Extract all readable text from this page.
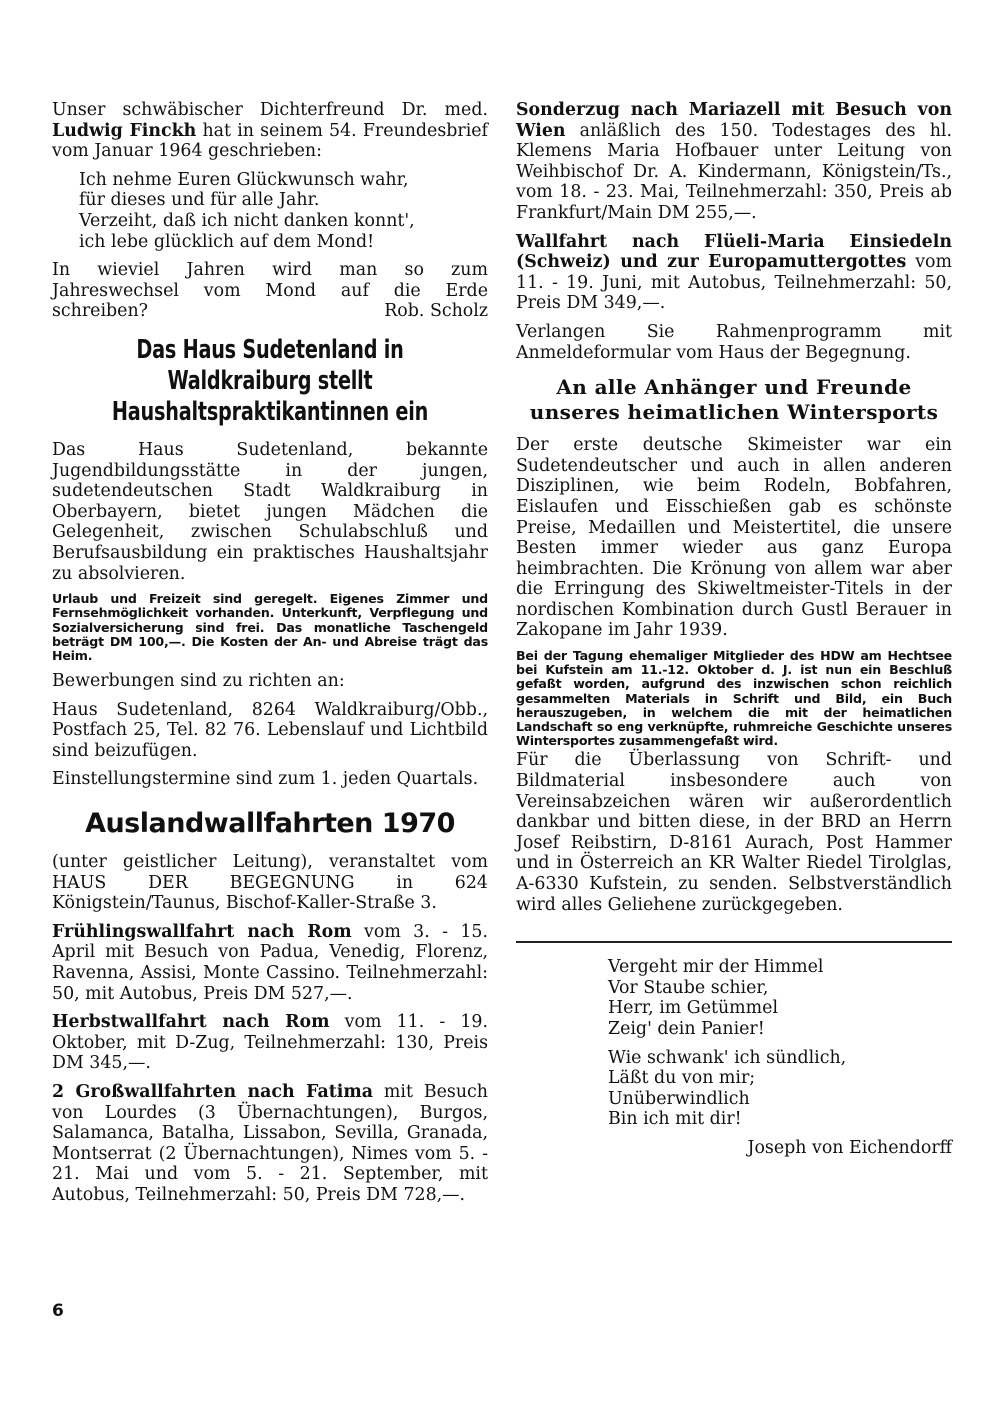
Unser schwäbischer Dichterfreund Dr. med. Ludwig Finckh hat in seinem 54. Freundesbrief vom Januar 1964 geschrieben:

Ich nehme Euren Glückwunsch wahr,
für dieses und für alle Jahr.
Verzeiht, daß ich nicht danken konnt',
ich lebe glücklich auf dem Mond!

In wieviel Jahren wird man so zum Jahreswechsel vom Mond auf die Erde schreiben?	Rob. Scholz
Das Haus Sudetenland in Waldkraiburg stellt Haushaltspraktikantinnen ein

Das Haus Sudetenland, bekannte Jugendbildungsstätte in der jungen, sudetendeutschen Stadt Waldkraiburg in Oberbayern, bietet jungen Mädchen die Gelegenheit, zwischen Schulabschluß und Berufsausbildung ein praktisches Haushaltsjahr zu absolvieren.

Urlaub und Freizeit sind geregelt. Eigenes Zimmer und Fernsehmöglichkeit vorhanden. Unterkunft, Verpflegung und Sozialversicherung sind frei. Das monatliche Taschengeld beträgt DM 100,—. Die Kosten der An- und Abreise trägt das Heim.

Bewerbungen sind zu richten an:

Haus Sudetenland, 8264 Waldkraiburg/Obb., Postfach 25, Tel. 82 76. Lebenslauf und Lichtbild sind beizufügen.

Einstellungstermine sind zum 1. jeden Quartals.

Auslandwallfahrten 1970

(unter geistlicher Leitung), veranstaltet vom HAUS DER BEGEGNUNG in 624 Königstein/Taunus, Bischof-Kaller-Straße 3.

Frühlingswallfahrt nach Rom vom 3. - 15. April mit Besuch von Padua, Venedig, Florenz, Ravenna, Assisi, Monte Cassino. Teilnehmerzahl: 50, mit Autobus, Preis DM 527,—.

Herbstwallfahrt nach Rom vom 11. - 19. Oktober, mit D-Zug, Teilnehmerzahl: 130, Preis DM 345,—.

2 Großwallfahrten nach Fatima mit Besuch von Lourdes (3 Übernachtungen), Burgos, Salamanca, Batalha, Lissabon, Sevilla, Granada, Montserrat (2 Übernachtungen), Nimes vom 5. - 21. Mai und vom 5. - 21. September, mit Autobus, Teilnehmerzahl: 50, Preis DM 728,—.

Sonderzug nach Mariazell mit Besuch von Wien anläßlich des 150. Todestages des hl. Klemens Maria Hofbauer unter Leitung von Weihbischof Dr. A. Kindermann, Königstein/Ts., vom 18. - 23. Mai, Teilnehmerzahl: 350, Preis ab Frankfurt/Main DM 255,—.

Wallfahrt nach Flüeli-Maria Einsiedeln (Schweiz) und zur Europamuttergottes vom 11. - 19. Juni, mit Autobus, Teilnehmerzahl: 50, Preis DM 349,—.

Verlangen Sie Rahmenprogramm mit Anmeldeformular vom Haus der Begegnung.

An alle Anhänger und Freunde unseres heimatlichen Wintersports

Der erste deutsche Skimeister war ein Sudetendeutscher und auch in allen anderen Disziplinen, wie beim Rodeln, Bobfahren, Eislaufen und Eisschießen gab es schönste Preise, Medaillen und Meistertitel, die unsere Besten immer wieder aus ganz Europa heimbrachten. Die Krönung von allem war aber die Erringung des Skiweltmeister-Titels in der nordischen Kombination durch Gustl Berauer in Zakopane im Jahr 1939.

Bei der Tagung ehemaliger Mitglieder des HDW am Hechtsee bei Kufstein am 11.-12. Oktober d. J. ist nun ein Beschluß gefaßt worden, aufgrund des inzwischen schon reichlich gesammelten Materials in Schrift und Bild, ein Buch herauszugeben, in welchem die mit der heimatlichen Landschaft so eng verknüpfte, ruhmreiche Geschichte unseres Wintersportes zusammengefaßt wird.

Für die Überlassung von Schrift- und Bildmaterial insbesondere auch von Vereinsabzeichen wären wir außerordentlich dankbar und bitten diese, in der BRD an Herrn Josef Reibstirn, D-8161 Aurach, Post Hammer und in Österreich an KR Walter Riedel Tirolglas, A-6330 Kufstein, zu senden. Selbstverständlich wird alles Geliehene zurückgegeben.

Vergeht mir der Himmel
Vor Staube schier,
Herr, im Getümmel
Zeig' dein Panier!
Wie schwank' ich sündlich,
Läßt du von mir;
Unüberwindlich
Bin ich mit dir!
Joseph von Eichendorff
6
